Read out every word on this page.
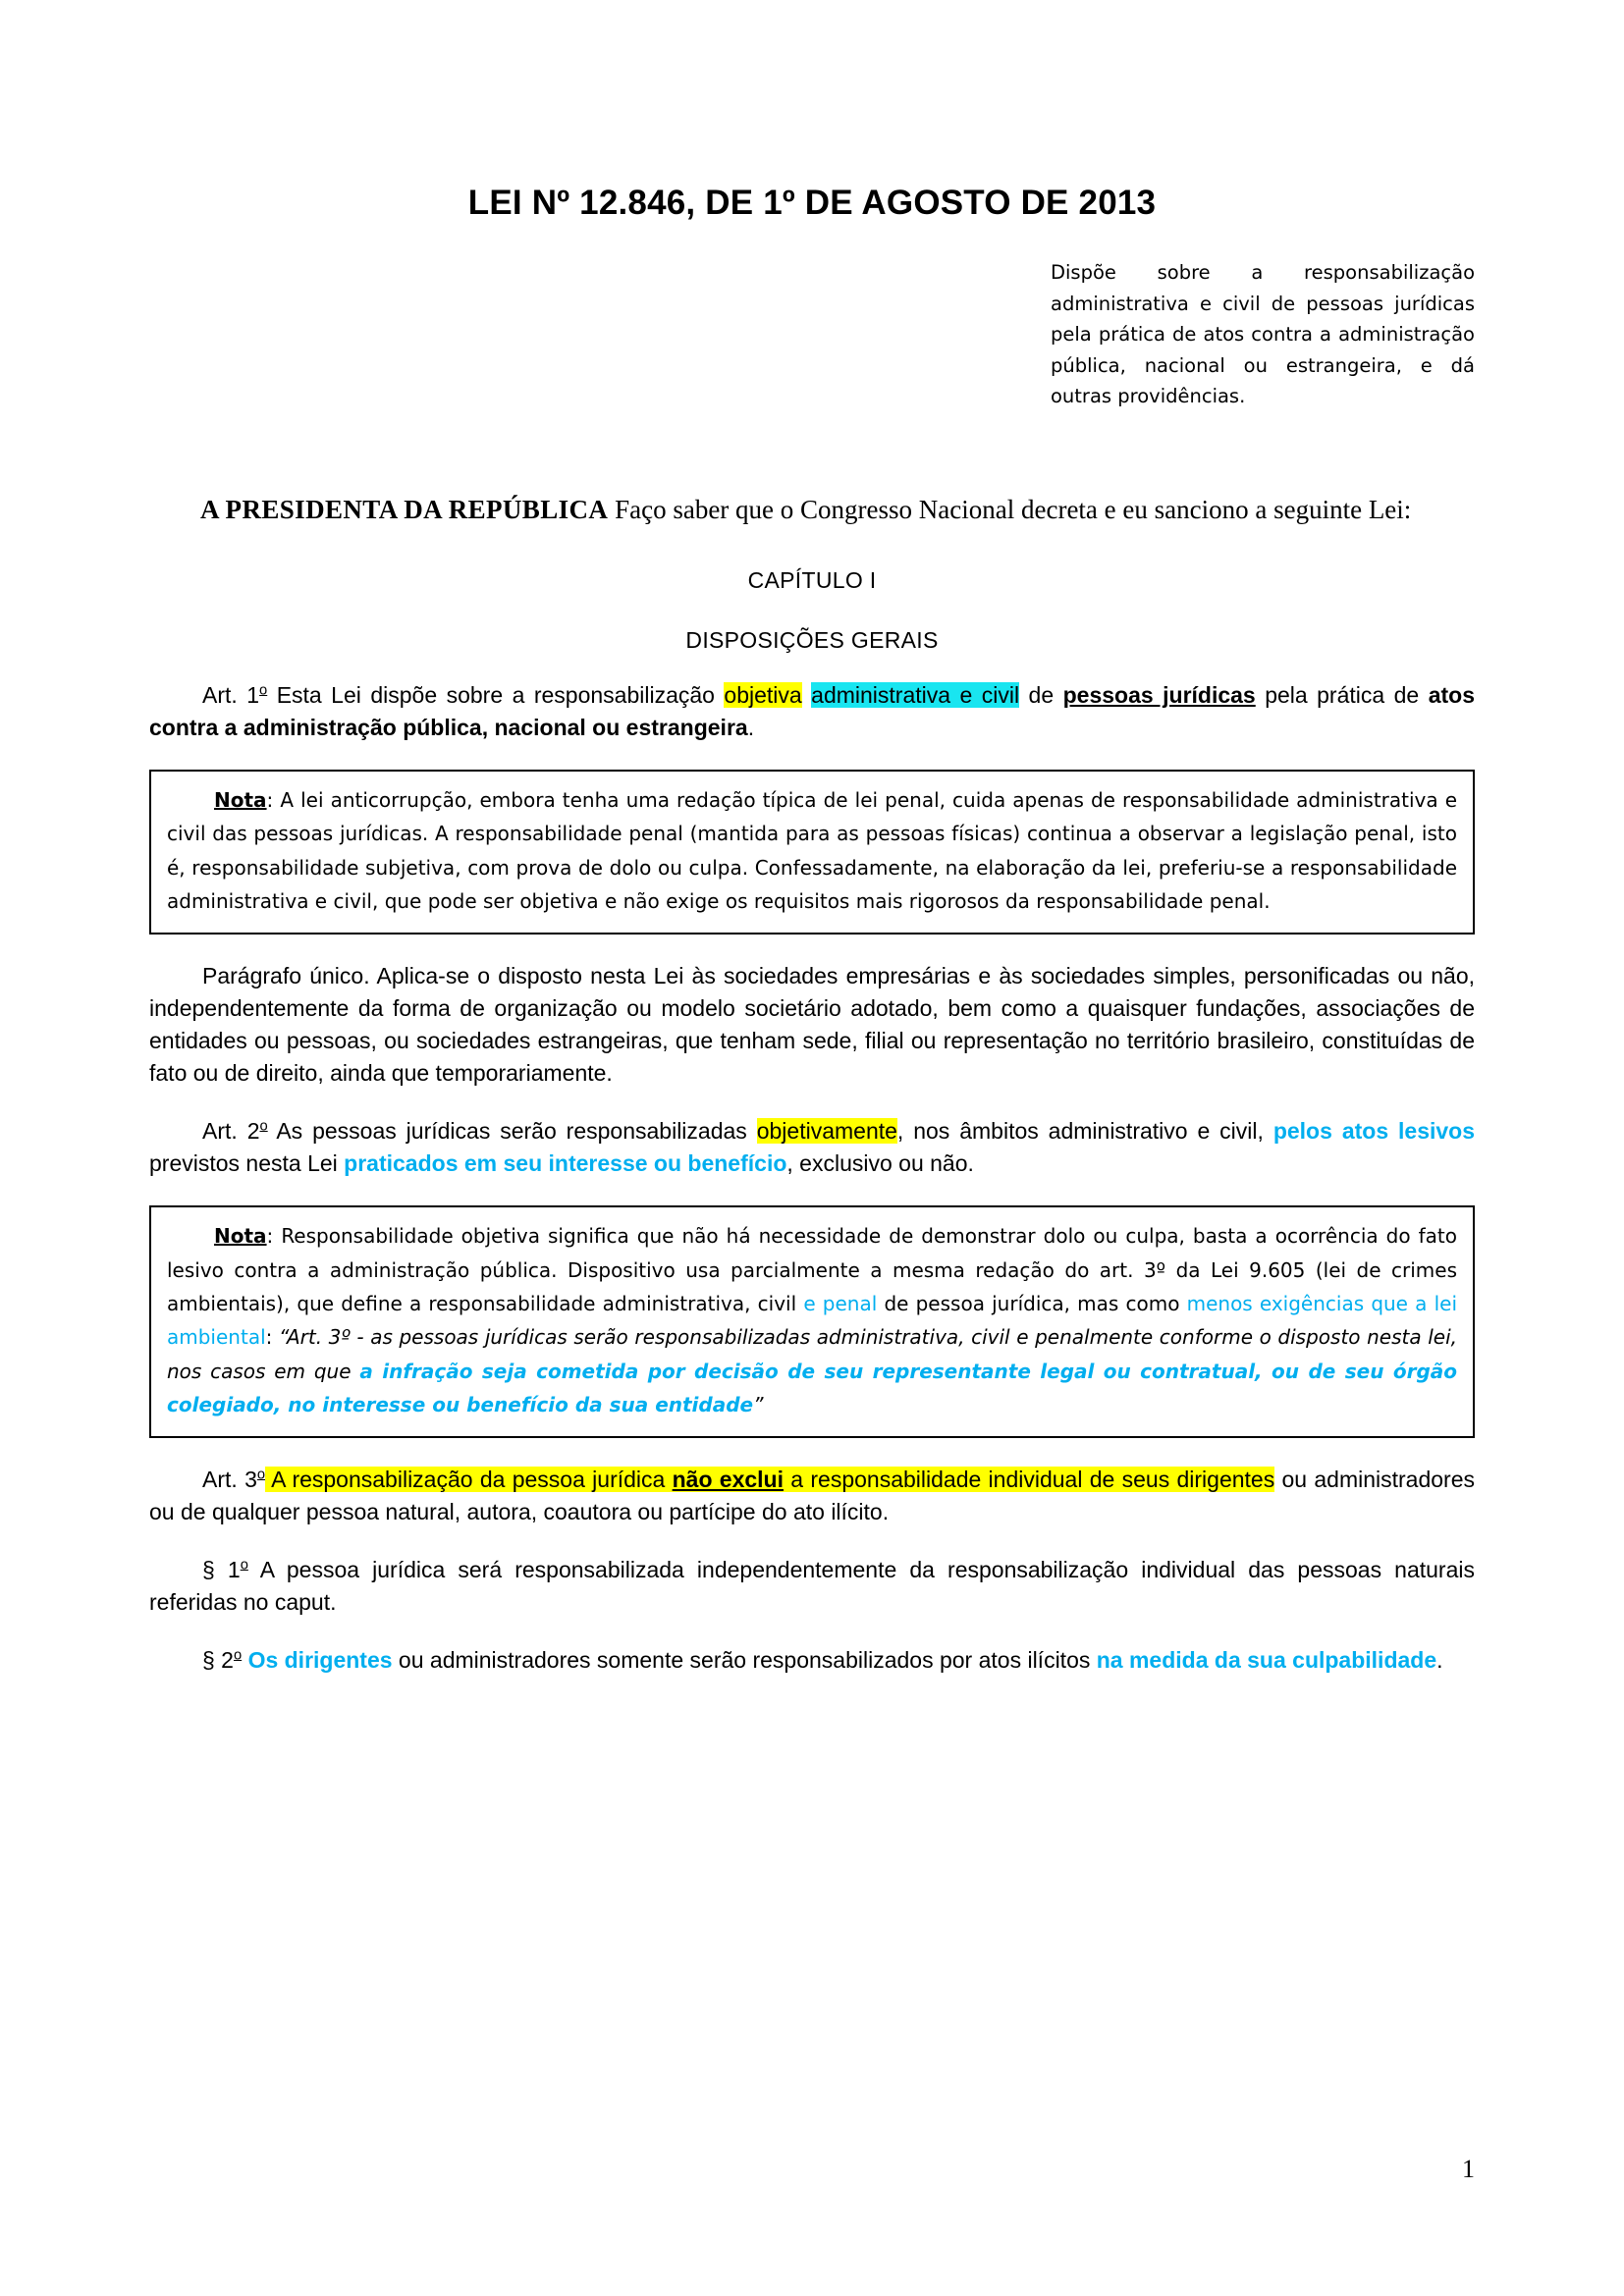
LEI Nº 12.846, DE 1º DE AGOSTO DE 2013
Dispõe sobre a responsabilização administrativa e civil de pessoas jurídicas pela prática de atos contra a administração pública, nacional ou estrangeira, e dá outras providências.

A PRESIDENTA DA REPÚBLICA Faço saber que o Congresso Nacional decreta e eu sanciono a seguinte Lei:

CAPÍTULO I
DISPOSIÇÕES GERAIS

Art. 1$^o$ Esta Lei dispõe sobre a responsabilização objetiva administrativa e civil de pessoas jurídicas pela prática de atos contra a administração pública, nacional ou estrangeira.

Nota: A lei anticorrupção, embora tenha uma redação típica de lei penal, cuida apenas de responsabilidade administrativa e civil das pessoas jurídicas. A responsabilidade penal (mantida para as pessoas físicas) continua a observar a legislação penal, isto é, responsabilidade subjetiva, com prova de dolo ou culpa. Confessadamente, na elaboração da lei, preferiu-se a responsabilidade administrativa e civil, que pode ser objetiva e não exige os requisitos mais rigorosos da responsabilidade penal.

Parágrafo único. Aplica-se o disposto nesta Lei às sociedades empresárias e às sociedades simples, personificadas ou não, independentemente da forma de organização ou modelo societário adotado, bem como a quaisquer fundações, associações de entidades ou pessoas, ou sociedades estrangeiras, que tenham sede, filial ou representação no território brasileiro, constituídas de fato ou de direito, ainda que temporariamente.

Art. 2$^o$ As pessoas jurídicas serão responsabilizadas objetivamente, nos âmbitos administrativo e civil, pelos atos lesivos previstos nesta Lei praticados em seu interesse ou benefício, exclusivo ou não.

Nota: Responsabilidade objetiva significa que não há necessidade de demonstrar dolo ou culpa, basta a ocorrência do fato lesivo contra a administração pública. Dispositivo usa parcialmente a mesma redação do art. 3º da Lei 9.605 (lei de crimes ambientais), que define a responsabilidade administrativa, civil e penal de pessoa jurídica, mas como menos exigências que a lei ambiental: “Art. 3º - as pessoas jurídicas serão responsabilizadas administrativa, civil e penalmente conforme o disposto nesta lei, nos casos em que a infração seja cometida por decisão de seu representante legal ou contratual, ou de seu órgão colegiado, no interesse ou benefício da sua entidade”

Art. 3$^o$ A responsabilização da pessoa jurídica não exclui a responsabilidade individual de seus dirigentes ou administradores ou de qualquer pessoa natural, autora, coautora ou partícipe do ato ilícito.

§ 1$^o$ A pessoa jurídica será responsabilizada independentemente da responsabilização individual das pessoas naturais referidas no caput.

§ 2$^o$ Os dirigentes ou administradores somente serão responsabilizados por atos ilícitos na medida da sua culpabilidade.

1
